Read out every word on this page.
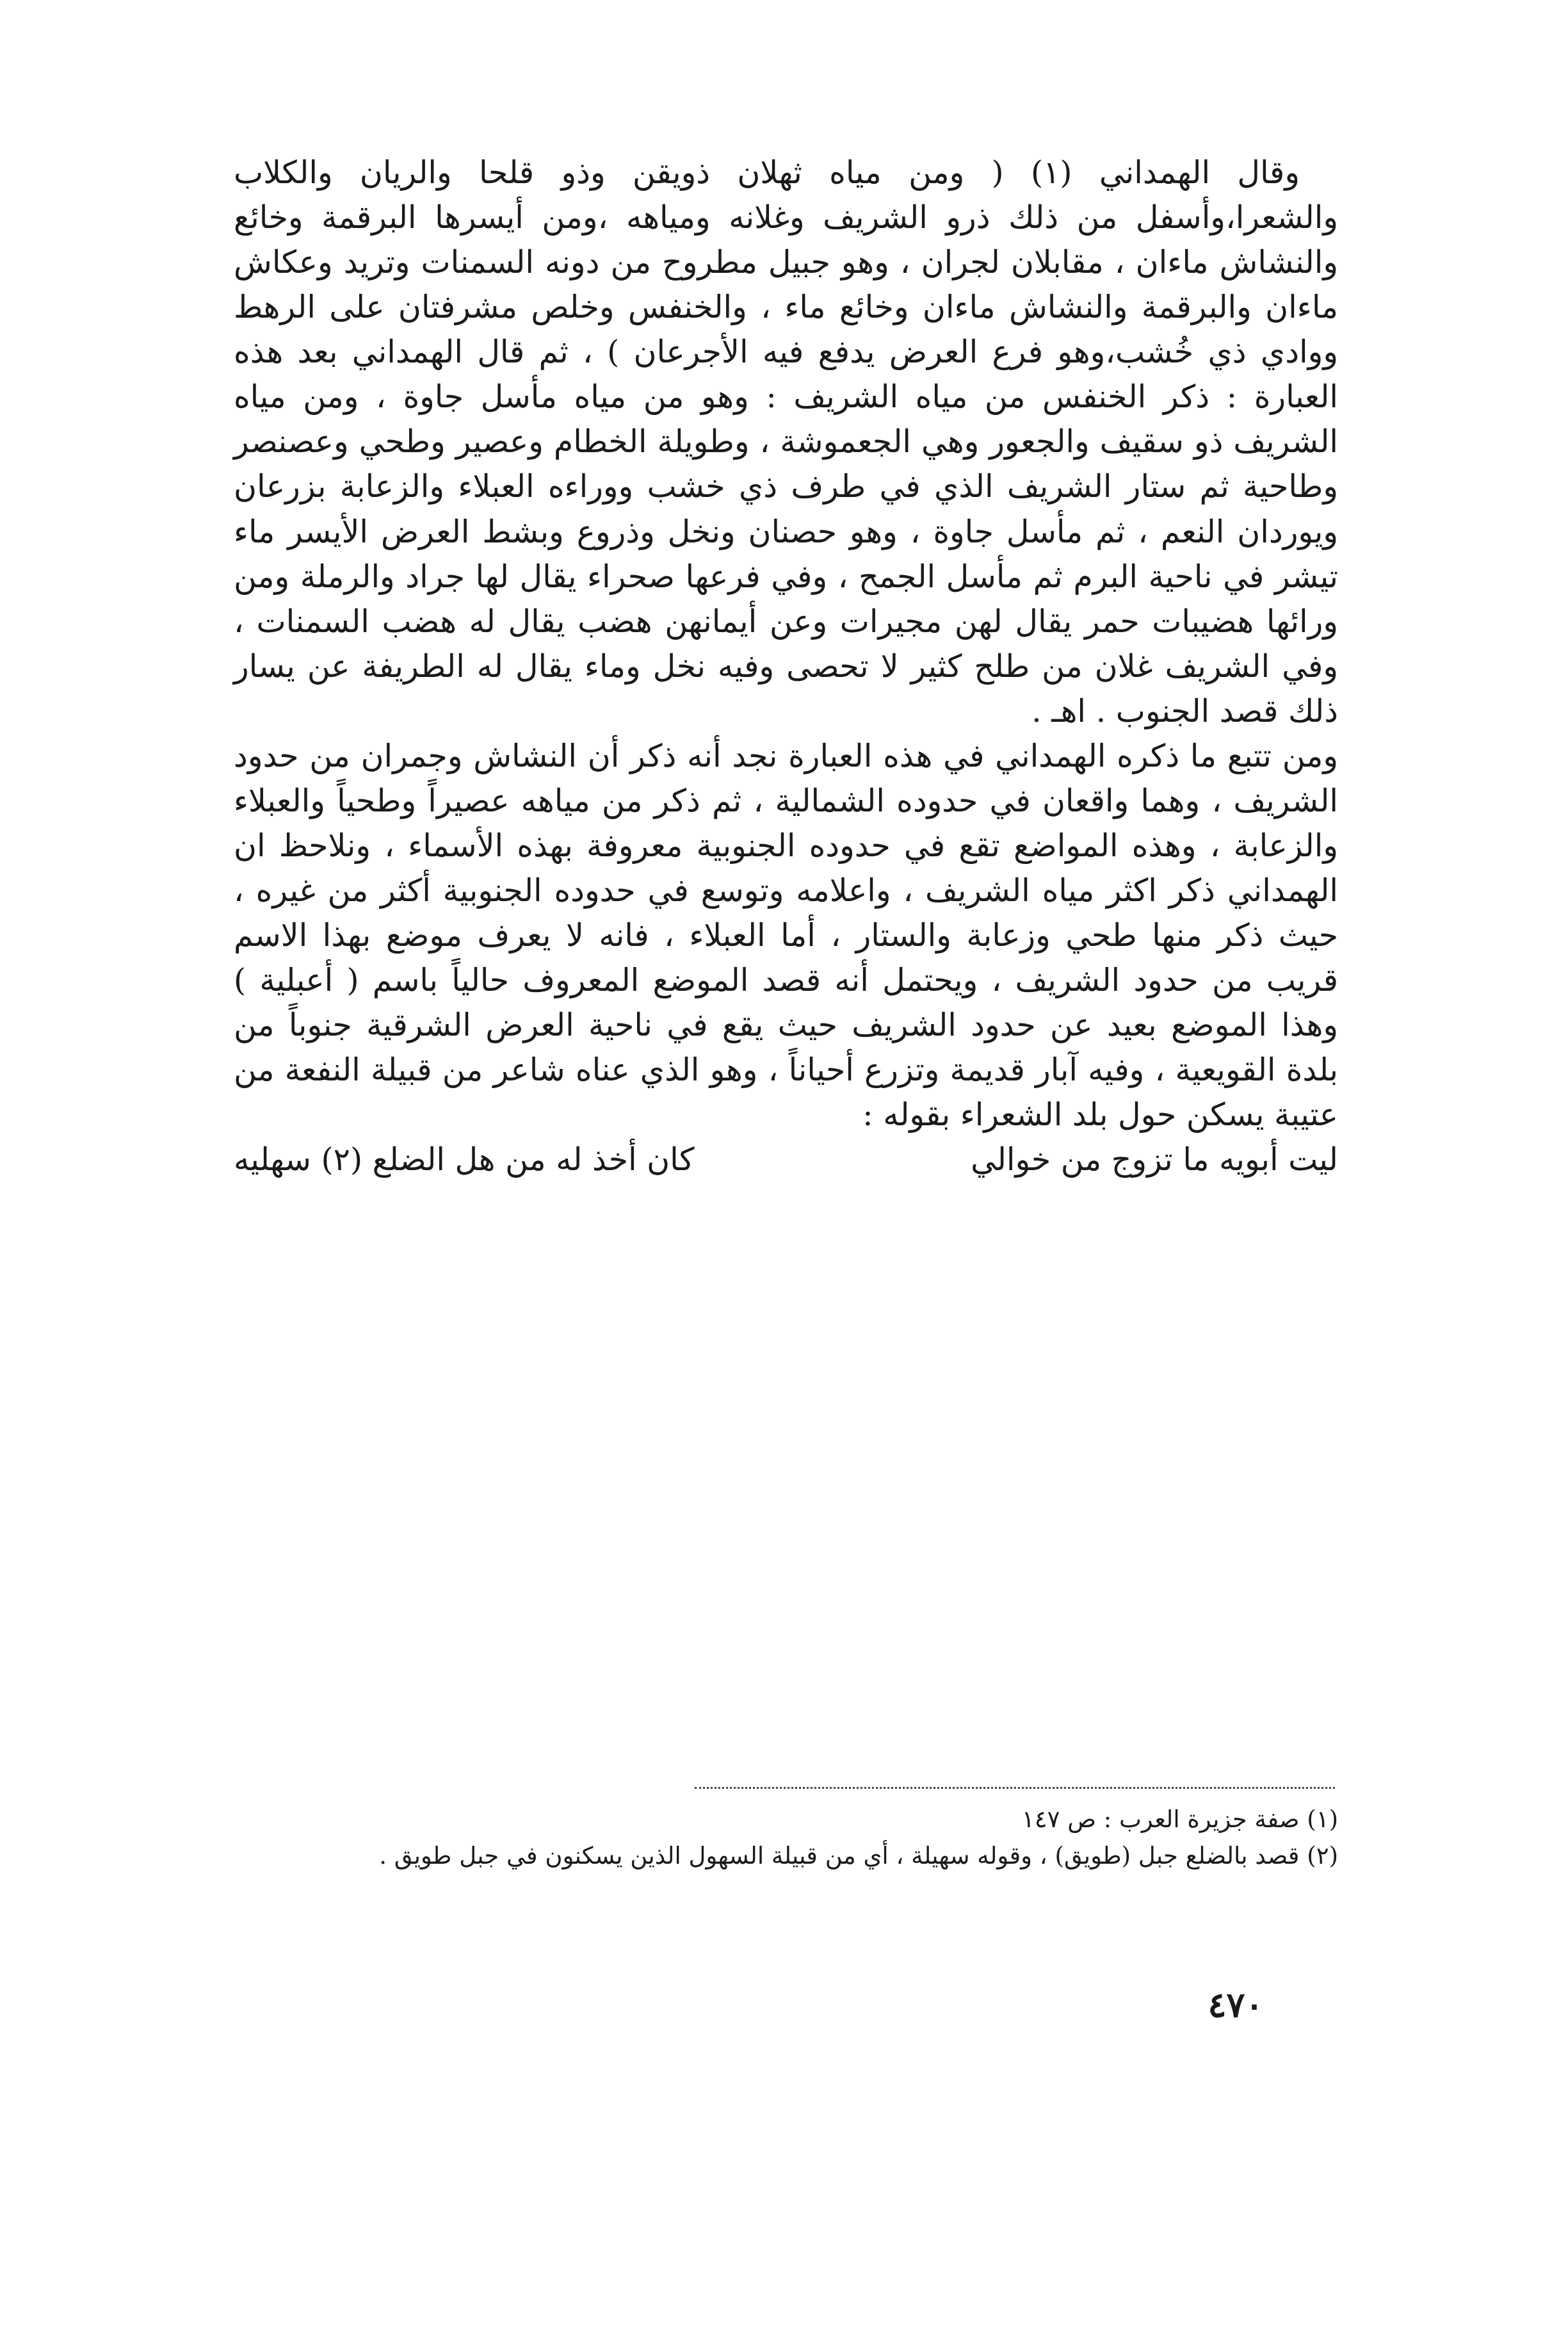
وقال الهمداني (١) ( ومن مياه ثهلان ذويقن وذو قلحا والريان والكلاب والشعرا،وأسفل من ذلك ذرو الشريف وغلانه ومياهه ،ومن أيسرها البرقمة وخائع والنشاش ماءان ، مقابلان لجران ، وهو جبيل مطروح من دونه السمنات وتريد وعكاش ماءان والبرقمة والنشاش ماءان وخائع ماء ، والخنفس وخلص مشرفتان على الرهط ووادي ذي خُشب،وهو فرع العرض يدفع فيه الأجرعان ) ، ثم قال الهمداني بعد هذه العبارة : ذكر الخنفس من مياه الشريف : وهو من مياه مأسل جاوة ، ومن مياه الشريف ذو سقيف والجعور وهي الجعموشة ، وطويلة الخطام وعصير وطحي وعصنصر وطاحية ثم ستار الشريف الذي في طرف ذي خشب ووراءه العبلاء والزعابة بزرعان ويوردان النعم ، ثم مأسل جاوة ، وهو حصنان ونخل وذروع وبشط العرض الأيسر ماء تيشر في ناحية البرم ثم مأسل الجمح ، وفي فرعها صحراء يقال لها جراد والرملة ومن ورائها هضيبات حمر يقال لهن مجيرات وعن أيمانهن هضب يقال له هضب السمنات ، وفي الشريف غلان من طلح كثير لا تحصى وفيه نخل وماء يقال له الطريفة عن يسار ذلك قصد الجنوب . اهـ .

ومن تتبع ما ذكره الهمداني في هذه العبارة نجد أنه ذكر أن النشاش وجمران من حدود الشريف ، وهما واقعان في حدوده الشمالية ، ثم ذكر من مياهه عصيراً وطحياً والعبلاء والزعابة ، وهذه المواضع تقع في حدوده الجنوبية معروفة بهذه الأسماء ، ونلاحظ ان الهمداني ذكر اكثر مياه الشريف ، واعلامه وتوسع في حدوده الجنوبية أكثر من غيره ، حيث ذكر منها طحي وزعابة والستار ، أما العبلاء ، فانه لا يعرف موضع بهذا الاسم قريب من حدود الشريف ، ويحتمل أنه قصد الموضع المعروف حالياً باسم ( أعبلية ) وهذا الموضع بعيد عن حدود الشريف حيث يقع في ناحية العرض الشرقية جنوباً من بلدة القويعية ، وفيه آبار قديمة وتزرع أحياناً ، وهو الذي عناه شاعر من قبيلة النفعة من عتيبة يسكن حول بلد الشعراء بقوله :

ليت أبويه ما تزوج من خوالي
كان أخذ له من هل الضلع (٢) سهليه

(١) صفة جزيرة العرب : ص ١٤٧

(٢) قصد بالضلع جبل (طويق) ، وقوله سهيلة ، أي من قبيلة السهول الذين يسكنون في جبل طويق .

٤٧٠
